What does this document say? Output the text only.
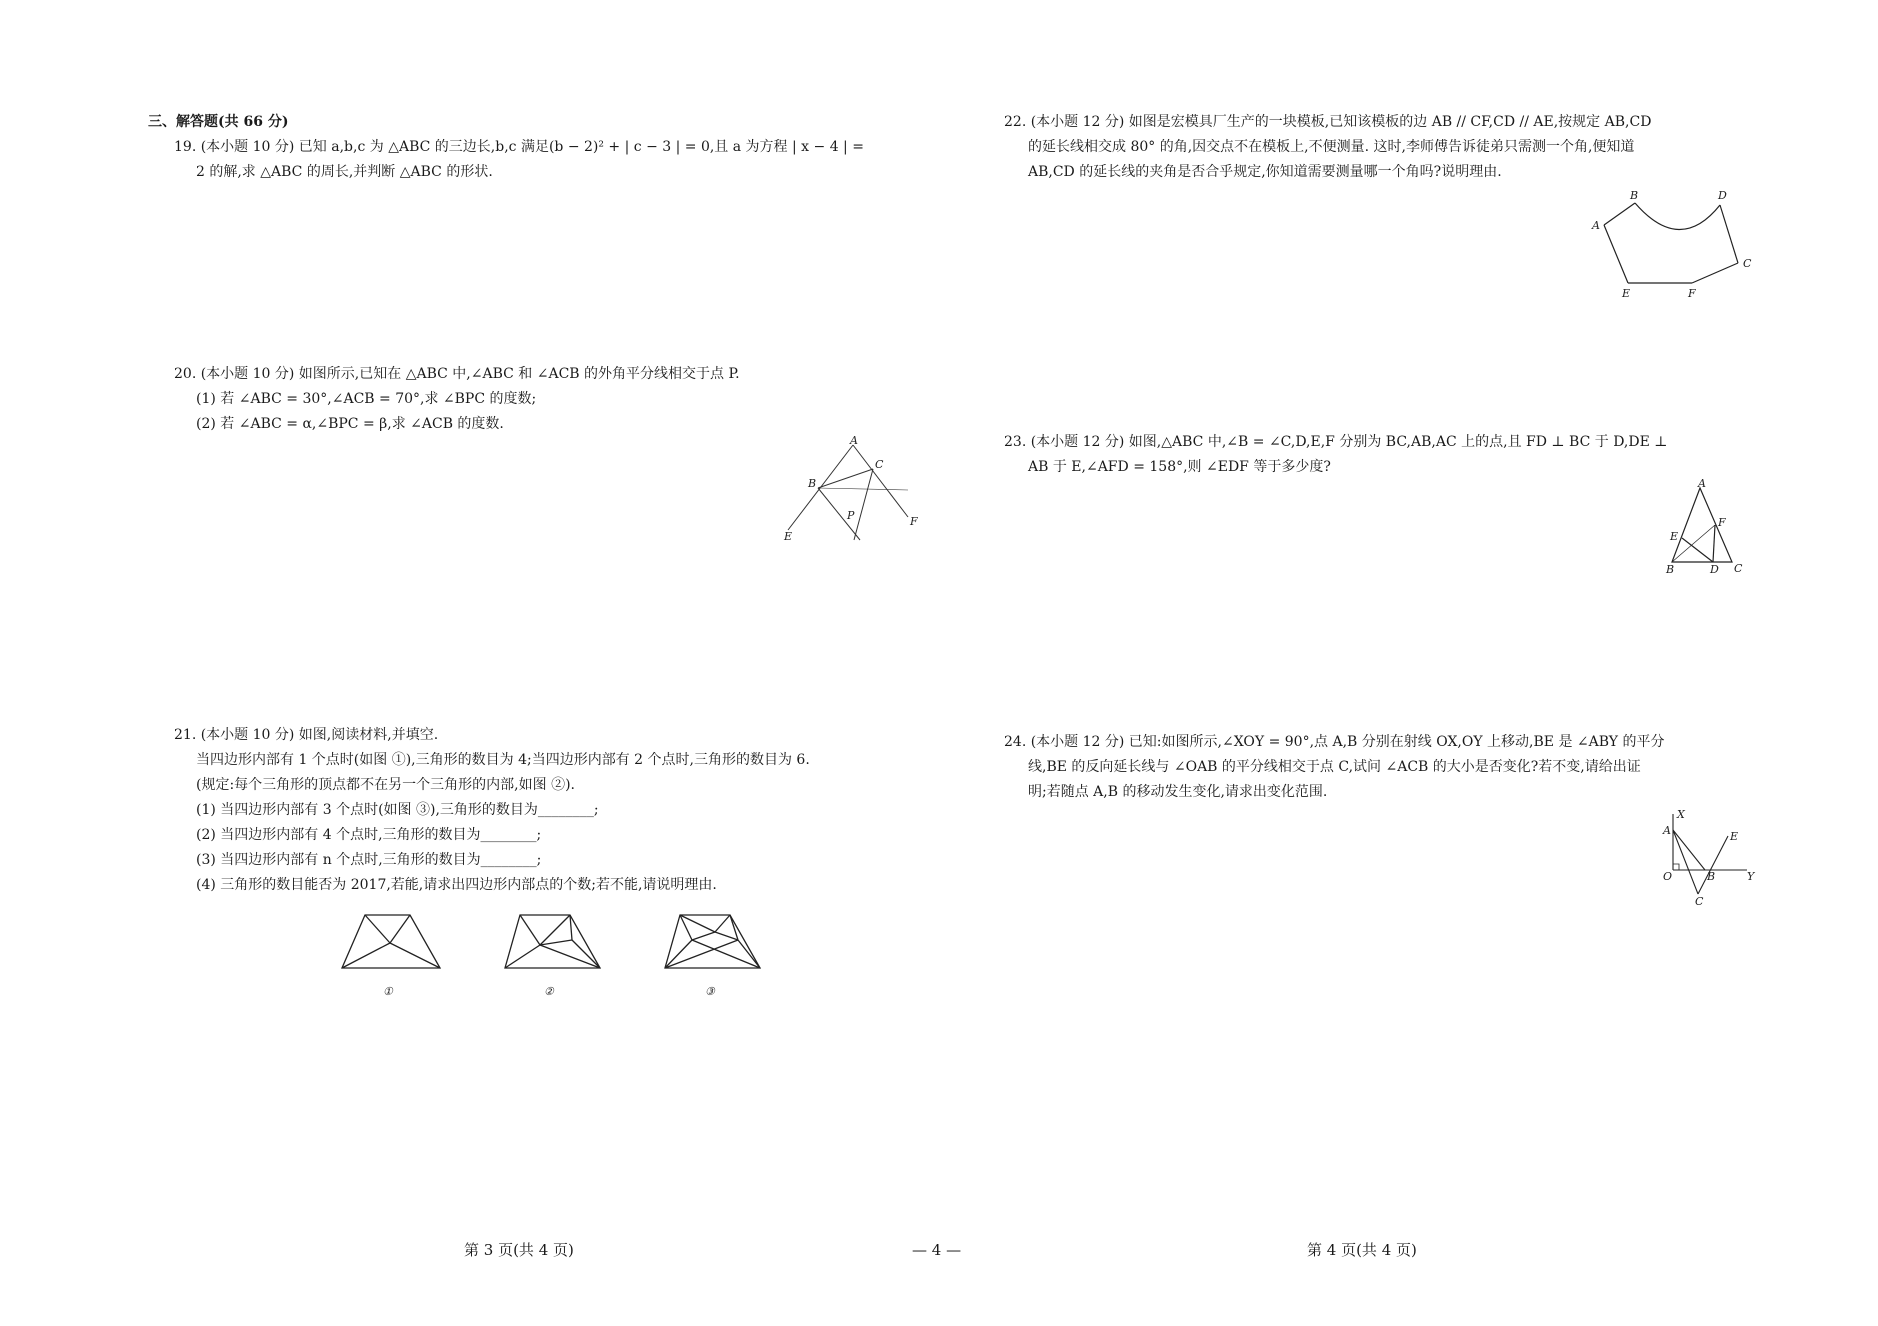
三、解答题(共 66 分)
19. (本小题 10 分) 已知 a,b,c 为 △ABC 的三边长,b,c 满足(b − 2)² + | c − 3 | = 0,且 a 为方程 | x − 4 | =
2 的解,求 △ABC 的周长,并判断 △ABC 的形状.
20. (本小题 10 分) 如图所示,已知在 △ABC 中,∠ABC 和 ∠ACB 的外角平分线相交于点 P.
(1) 若 ∠ABC = 30°,∠ACB = 70°,求 ∠BPC 的度数;
(2) 若 ∠ABC = α,∠BPC = β,求 ∠ACB 的度数.
A
B
C
E
F
P
21. (本小题 10 分) 如图,阅读材料,并填空.
当四边形内部有 1 个点时(如图 ①),三角形的数目为 4;当四边形内部有 2 个点时,三角形的数目为 6.
(规定:每个三角形的顶点都不在另一个三角形的内部,如图 ②).
(1) 当四边形内部有 3 个点时(如图 ③),三角形的数目为________;
(2) 当四边形内部有 4 个点时,三角形的数目为________;
(3) 当四边形内部有 n 个点时,三角形的数目为________;
(4) 三角形的数目能否为 2017,若能,请求出四边形内部点的个数;若不能,请说明理由.
①	②	③
22. (本小题 12 分) 如图是宏模具厂生产的一块模板,已知该模板的边 AB // CF,CD // AE,按规定 AB,CD
的延长线相交成 80° 的角,因交点不在模板上,不便测量. 这时,李师傅告诉徒弟只需测一个角,便知道
AB,CD 的延长线的夹角是否合乎规定,你知道需要测量哪一个角吗?说明理由.
A
B
C
D
E	F
23. (本小题 12 分) 如图,△ABC 中,∠B = ∠C,D,E,F 分别为 BC,AB,AC 上的点,且 FD ⊥ BC 于 D,DE ⊥
AB 于 E,∠AFD = 158°,则 ∠EDF 等于多少度?
A
B	C
D
E
F
24. (本小题 12 分) 已知:如图所示,∠XOY = 90°,点 A,B 分别在射线 OX,OY 上移动,BE 是 ∠ABY 的平分
线,BE 的反向延长线与 ∠OAB 的平分线相交于点 C,试问 ∠ACB 的大小是否变化?若不变,请给出证
明;若随点 A,B 的移动发生变化,请求出变化范围.
X
A	E
O	B	Y
C
第 3 页(共 4 页)	— 4 —	第 4 页(共 4 页)
